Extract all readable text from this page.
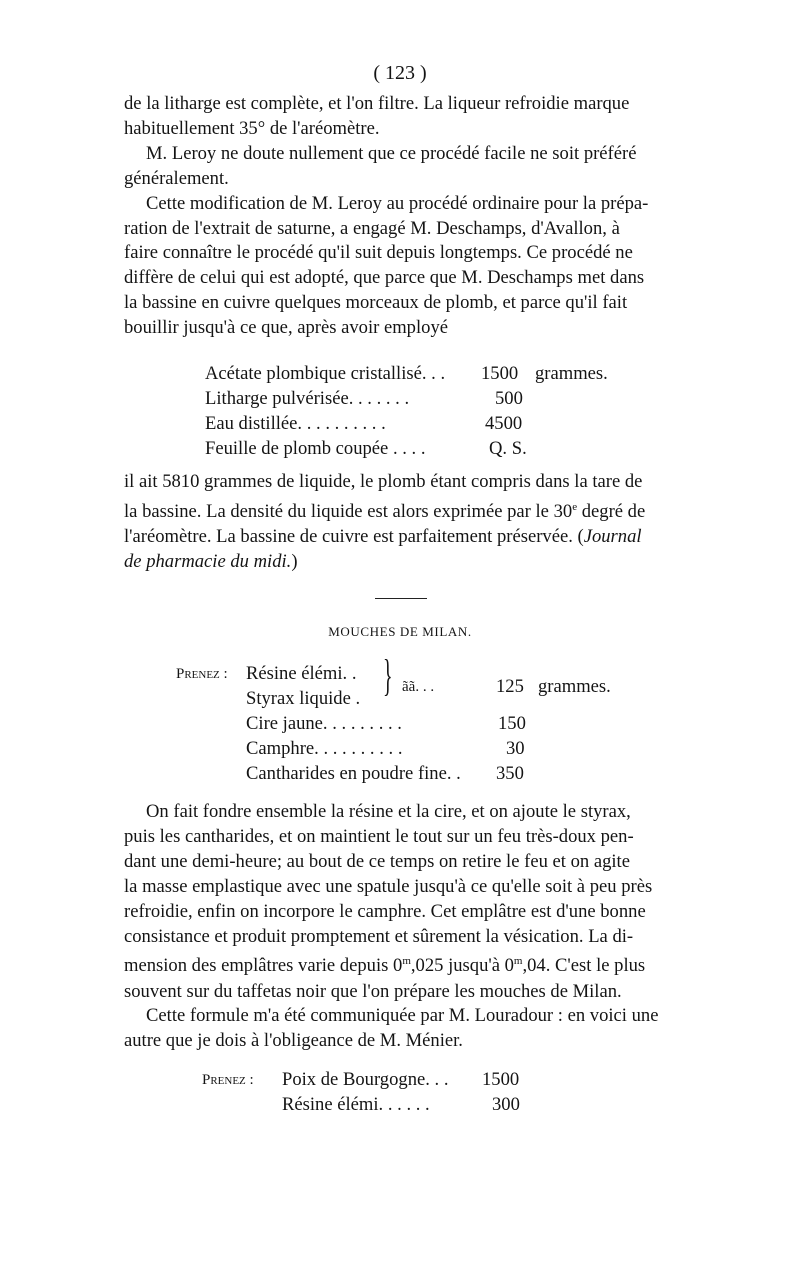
( 123 )

de la litharge est complète, et l'on filtre. La liqueur refroidie marque
habituellement 35° de l'aréomètre.

M. Leroy ne doute nullement que ce procédé facile ne soit préféré
généralement.

Cette modification de M. Leroy au procédé ordinaire pour la prépa-
ration de l'extrait de saturne, a engagé M. Deschamps, d'Avallon, à
faire connaître le procédé qu'il suit depuis longtemps. Ce procédé ne
diffère de celui qui est adopté, que parce que M. Deschamps met dans
la bassine en cuivre quelques morceaux de plomb, et parce qu'il fait
bouillir jusqu'à ce que, après avoir employé

Acétate plombique cristallisé. . . 1500 grammes.
Litharge pulvérisée. . . . . . .	500
Eau distillée. . . . . . . . . .	4500
Feuille de plomb coupée . . . .	Q. S.

il ait 5810 grammes de liquide, le plomb étant compris dans la tare de
la bassine. La densité du liquide est alors exprimée par le 30e degré de
l'aréomètre. La bassine de cuivre est parfaitement préservée. (Journal
de pharmacie du midi.)

MOUCHES DE MILAN.
Prenez : Résine élémi. .
Styrax liquide .
ãã. . .	125 grammes.
Cire jaune. . . . . . . . .	150
Camphre. . . . . . . . . .	30
Cantharides en poudre fine. . 350
}

On fait fondre ensemble la résine et la cire, et on ajoute le styrax,
puis les cantharides, et on maintient le tout sur un feu très-doux pen-
dant une demi-heure; au bout de ce temps on retire le feu et on agite
la masse emplastique avec une spatule jusqu'à ce qu'elle soit à peu près
refroidie, enfin on incorpore le camphre. Cet emplâtre est d'une bonne
consistance et produit promptement et sûrement la vésication. La di-
mension des emplâtres varie depuis 0$^m$,025 jusqu'à 0$^m$,04. C'est le plus
souvent sur du taffetas noir que l'on prépare les mouches de Milan.

Cette formule m'a été communiquée par M. Louradour : en voici une
autre que je dois à l'obligeance de M. Ménier.

Prenez : Poix de Bourgogne. . . 1500
Résine élémi. . . . . .	300
